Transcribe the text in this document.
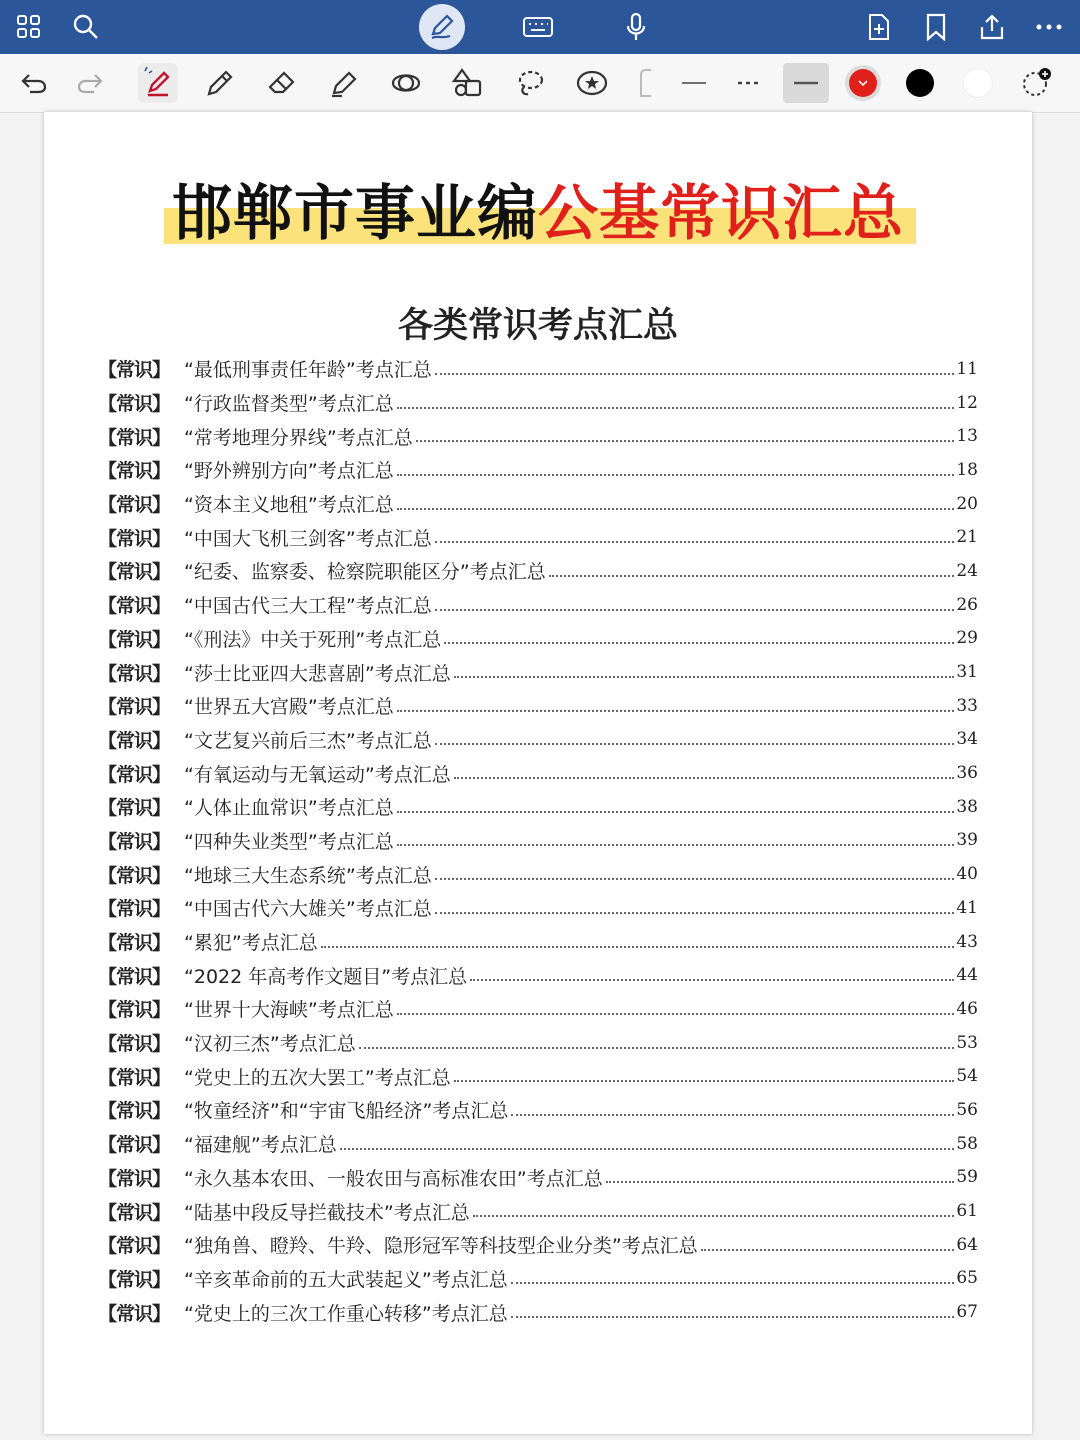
邯郸市事业编公基常识汇总
各类常识考点汇总
【常识】 “最低刑事责任年龄”考点汇总	11
【常识】 “行政监督类型”考点汇总	12
【常识】 “常考地理分界线”考点汇总	13
【常识】 “野外辨别方向”考点汇总	18
【常识】 “资本主义地租”考点汇总	20
【常识】 “中国大飞机三剑客”考点汇总	21
【常识】 “纪委、监察委、检察院职能区分”考点汇总	24
【常识】 “中国古代三大工程”考点汇总	26
【常识】 “《刑法》中关于死刑”考点汇总	29
【常识】 “莎士比亚四大悲喜剧”考点汇总	31
【常识】 “世界五大宫殿”考点汇总	33
【常识】 “文艺复兴前后三杰”考点汇总	34
【常识】 “有氧运动与无氧运动”考点汇总	36
【常识】 “人体止血常识”考点汇总	38
【常识】 “四种失业类型”考点汇总	39
【常识】 “地球三大生态系统”考点汇总	40
【常识】 “中国古代六大雄关”考点汇总	41
【常识】 “累犯”考点汇总	43
【常识】 “2022 年高考作文题目”考点汇总	44
【常识】 “世界十大海峡”考点汇总	46
【常识】 “汉初三杰”考点汇总	53
【常识】 “党史上的五次大罢工”考点汇总	54
【常识】 “牧童经济”和“宇宙飞船经济”考点汇总	56
【常识】 “福建舰”考点汇总	58
【常识】 “永久基本农田、一般农田与高标准农田”考点汇总	59
【常识】 “陆基中段反导拦截技术”考点汇总	61
【常识】 “独角兽、瞪羚、牛羚、隐形冠军等科技型企业分类”考点汇总	64
【常识】 “辛亥革命前的五大武装起义”考点汇总	65
【常识】 “党史上的三次工作重心转移”考点汇总	67
